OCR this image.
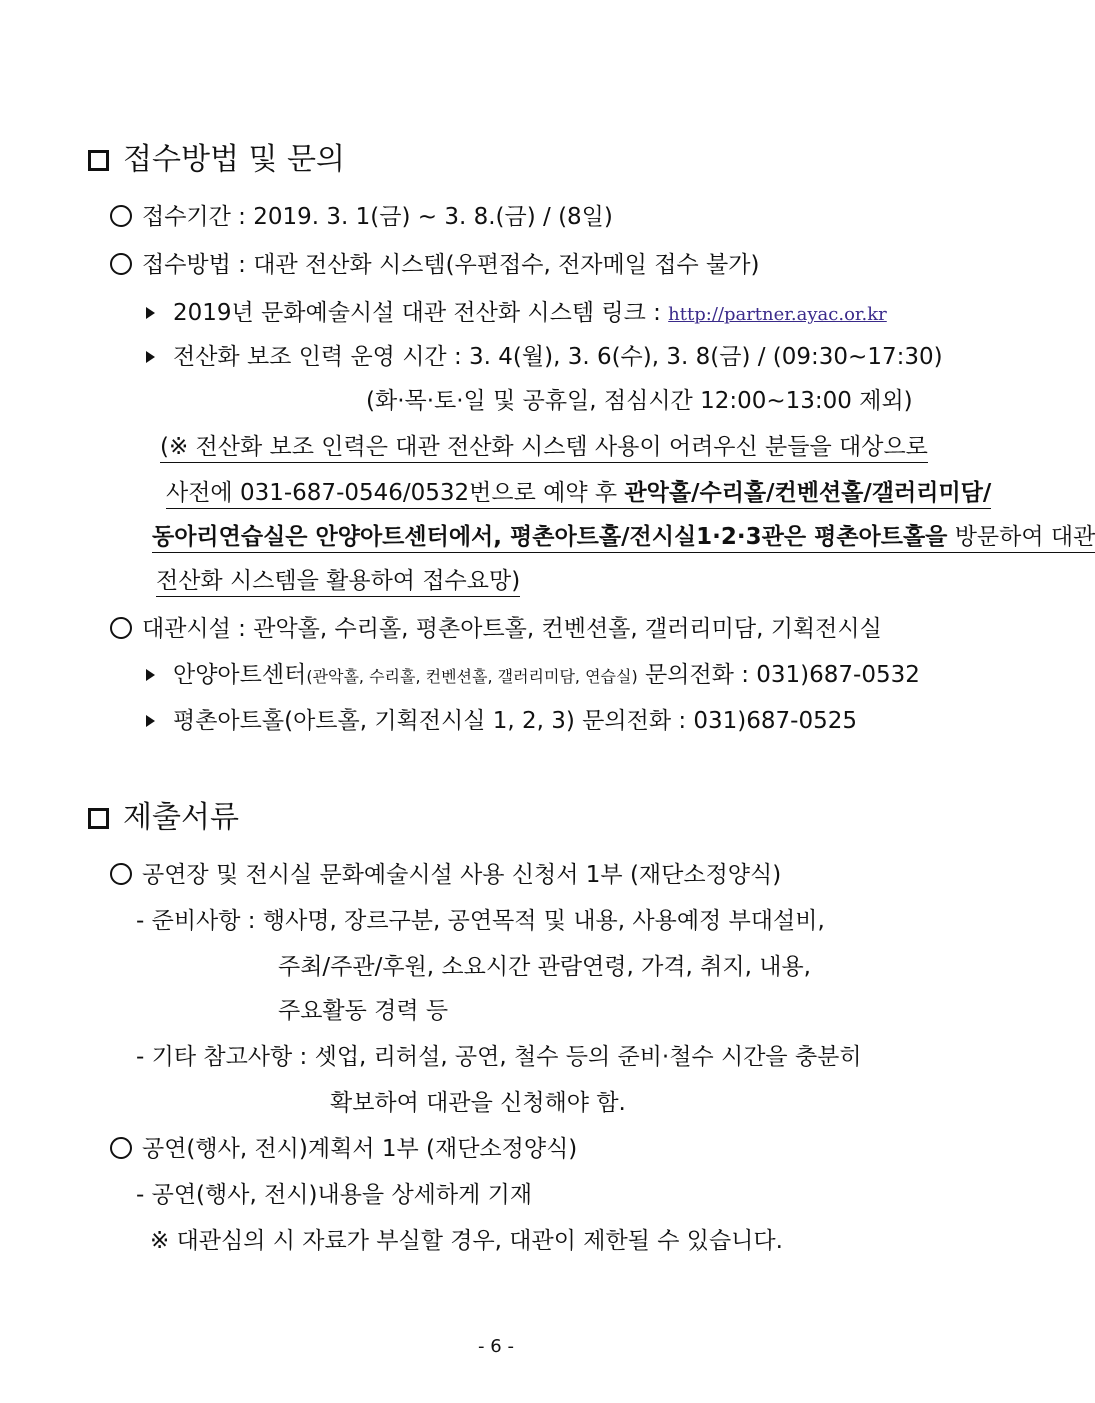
접수방법 및 문의
접수기간 : 2019. 3. 1(금) ~ 3. 8.(금) / (8일)
접수방법 : 대관 전산화 시스템(우편접수, 전자메일 접수 불가)
2019년 문화예술시설 대관 전산화 시스템 링크 : http://partner.ayac.or.kr
전산화 보조 인력 운영 시간 : 3. 4(월), 3. 6(수), 3. 8(금) / (09:30~17:30)
(화·목·토·일 및 공휴일, 점심시간 12:00~13:00 제외)
(※ 전산화 보조 인력은 대관 전산화 시스템 사용이 어려우신 분들을 대상으로
사전에 031-687-0546/0532번으로 예약 후 관악홀/수리홀/컨벤션홀/갤러리미담/
동아리연습실은 안양아트센터에서, 평촌아트홀/전시실1·2·3관은 평촌아트홀을 방문하여 대관
전산화 시스템을 활용하여 접수요망)
대관시설 : 관악홀, 수리홀, 평촌아트홀, 컨벤션홀, 갤러리미담, 기획전시실
안양아트센터(관악홀, 수리홀, 컨벤션홀, 갤러리미담, 연습실) 문의전화 : 031)687-0532
평촌아트홀(아트홀, 기획전시실 1, 2, 3) 문의전화 : 031)687-0525
제출서류
공연장 및 전시실 문화예술시설 사용 신청서 1부 (재단소정양식)
- 준비사항 : 행사명, 장르구분, 공연목적 및 내용, 사용예정 부대설비,
주최/주관/후원, 소요시간 관람연령, 가격, 취지, 내용,
주요활동 경력 등
- 기타 참고사항 : 셋업, 리허설, 공연, 철수 등의 준비·철수 시간을 충분히
확보하여 대관을 신청해야 함.
공연(행사, 전시)계획서 1부 (재단소정양식)
- 공연(행사, 전시)내용을 상세하게 기재
※ 대관심의 시 자료가 부실할 경우, 대관이 제한될 수 있습니다.
- 6 -
